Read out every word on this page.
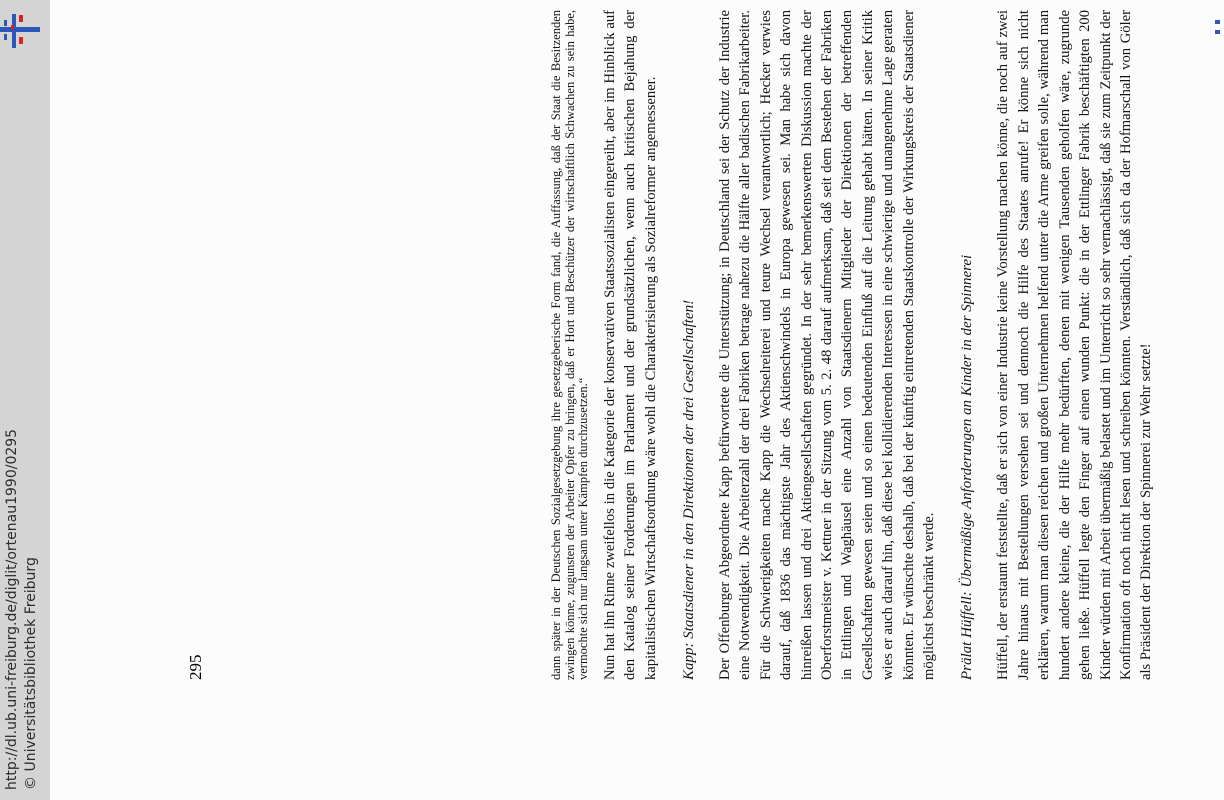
http://dl.ub.uni-freiburg.de/diglit/ortenau1990/0295 © Universitätsbibliothek Freiburg	dann später in der Deutschen Sozialgesetzgebung ihre gesetzgeberische Form fand, die Auffassung, daß der Staat die Besitzenden zwingen könne, zugunsten der Arbeiter Opfer zu bringen, daß er Hort und Beschützer der wirtschaftlich Schwachen zu sein habe, vermochte sich nur langsam unter Kämpfen durchzusetzen.“ Nun hat ihn Rinne zweifellos in die Kategorie der konservativen Staatssozialisten eingereiht, aber im Hinblick auf den Katalog seiner Forderungen im Parlament und der grundsätzlichen, wenn auch kritischen Bejahung der kapitalistischen Wirtschaftsordnung wäre wohl die Charakterisierung als Sozialreformer angemessener. Kapp: Staatsdiener in den Direktionen der drei Gesellschaften! Der Offenburger Abgeordnete Kapp befürwortete die Unterstützung; in Deutschland sei der Schutz der Industrie eine Notwendigkeit. Die Arbeiterzahl der drei Fabriken betrage nahezu die Hälfte aller badischen Fabrikarbeiter. Für die Schwierigkeiten mache Kapp die Wechselreiterei und teure Wechsel verantwortlich; Hecker verwies darauf, daß 1836 das mächtigste Jahr des Aktienschwindels in Europa gewesen sei. Man habe sich davon hinreißen lassen und drei Aktiengesellschaften gegründet. In der sehr bemerkenswerten Diskussion machte der Oberforstmeister v. Kettner in der Sitzung vom 5. 2. 48 darauf aufmerksam, daß seit dem Bestehen der Fabriken in Ettlingen und Waghäusel eine Anzahl von Staatsdienern Mitglieder der Direktionen der betreffenden Gesellschaften gewesen seien und so einen bedeutenden Einfluß auf die Leitung gehabt hätten. In seiner Kritik wies er auch darauf hin, daß diese bei kollidierenden Interessen in eine schwierige und unangenehme Lage geraten könnten. Er wünschte deshalb, daß bei der künftig eintretenden Staatskontrolle der Wirkungskreis der Staatsdiener möglichst beschränkt werde. Prälat Hüffell: Übermäßige Anforderungen an Kinder in der Spinnerei Hüffell, der erstaunt feststellte, daß er sich von einer Industrie keine Vorstellung machen könne, die noch auf zwei Jahre hinaus mit Bestellungen versehen sei und dennoch die Hilfe des Staates anrufe! Er könne sich nicht erklären, warum man diesen reichen und großen Unternehmen helfend unter die Arme greifen solle, während man hundert andere kleine, die der Hilfe mehr bedürften, denen mit wenigen Tausenden geholfen wäre, zugrunde gehen ließe. Hüffell legte den Finger auf einen wunden Punkt: die in der Ettlinger Fabrik beschäftigten 200 Kinder würden mit Arbeit übermäßig belastet und im Unterricht so sehr vernachlässigt, daß sie zum Zeitpunkt der Konfirmation oft noch nicht lesen und schreiben könnten. Verständlich, daß sich da der Hofmarschall von Göler als Präsident der Direktion der Spinnerei zur Wehr setzte!

295
